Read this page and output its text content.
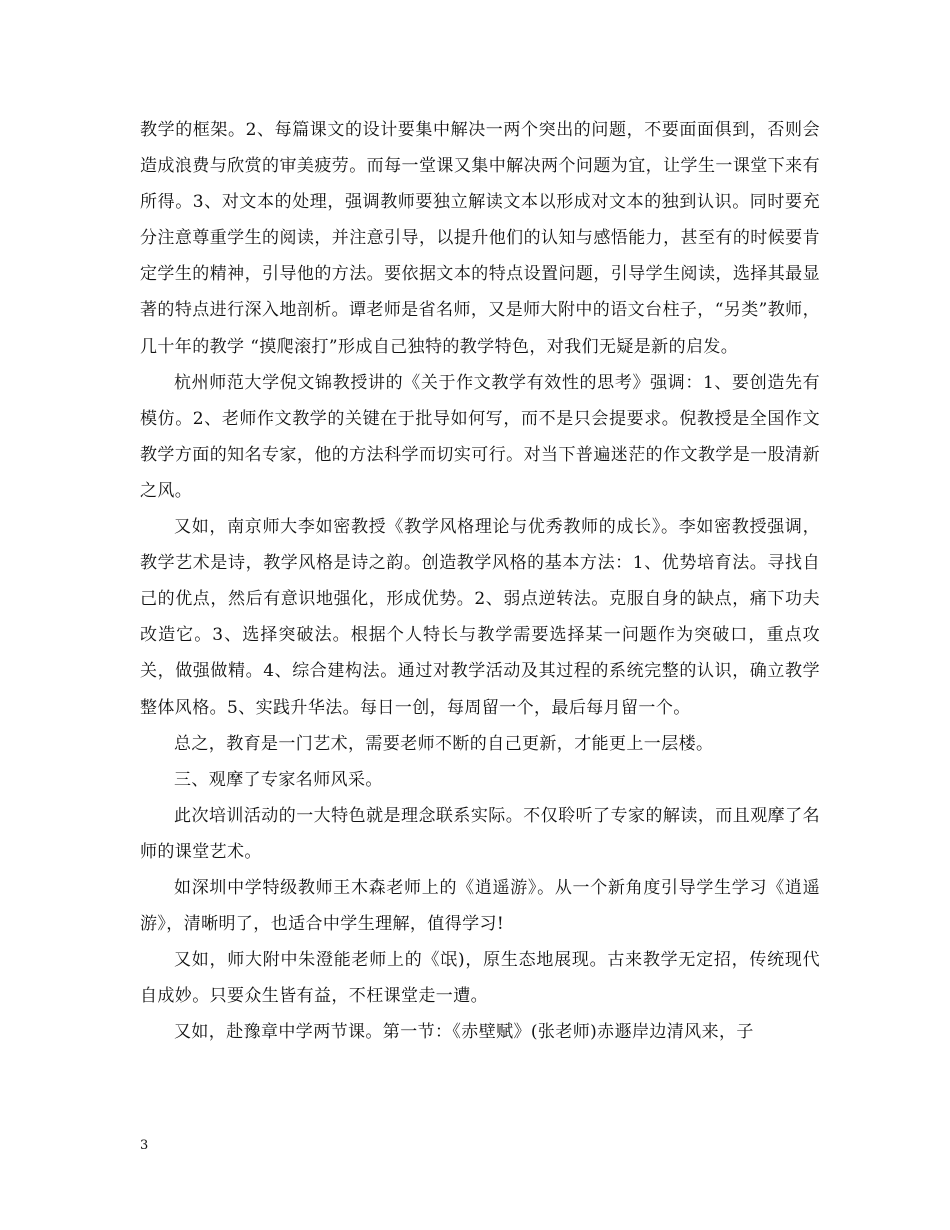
教学的框架。2、每篇课文的设计要集中解决一两个突出的问题，不要面面俱到，否则会造成浪费与欣赏的审美疲劳。而每一堂课又集中解决两个问题为宜，让学生一课堂下来有所得。3、对文本的处理，强调教师要独立解读文本以形成对文本的独到认识。同时要充分注意尊重学生的阅读，并注意引导，以提升他们的认知与感悟能力，甚至有的时候要肯定学生的精神，引导他的方法。要依据文本的特点设置问题，引导学生阅读，选择其最显著的特点进行深入地剖析。谭老师是省名师，又是师大附中的语文台柱子，“另类”教师，几十年的教学 “摸爬滚打”形成自己独特的教学特色，对我们无疑是新的启发。

杭州师范大学倪文锦教授讲的《关于作文教学有效性的思考》强调：1、要创造先有模仿。2、老师作文教学的关键在于批导如何写，而不是只会提要求。倪教授是全国作文教学方面的知名专家，他的方法科学而切实可行。对当下普遍迷茫的作文教学是一股清新之风。

又如，南京师大李如密教授《教学风格理论与优秀教师的成长》。李如密教授强调，教学艺术是诗，教学风格是诗之韵。创造教学风格的基本方法：1、优势培育法。寻找自己的优点，然后有意识地强化，形成优势。2、弱点逆转法。克服自身的缺点，痛下功夫改造它。3、选择突破法。根据个人特长与教学需要选择某一问题作为突破口，重点攻关，做强做精。4、综合建构法。通过对教学活动及其过程的系统完整的认识，确立教学整体风格。5、实践升华法。每日一创，每周留一个，最后每月留一个。

总之，教育是一门艺术，需要老师不断的自己更新，才能更上一层楼。

三、观摩了专家名师风采。

此次培训活动的一大特色就是理念联系实际。不仅聆听了专家的解读，而且观摩了名师的课堂艺术。

如深圳中学特级教师王木森老师上的《逍遥游》。从一个新角度引导学生学习《逍遥游》，清晰明了，也适合中学生理解，值得学习!

又如，师大附中朱澄能老师上的《氓)，原生态地展现。古来教学无定招，传统现代自成妙。只要众生皆有益，不枉课堂走一遭。

又如，赴豫章中学两节课。第一节：《赤壁赋》(张老师)赤遯岸边清风来，子

3
